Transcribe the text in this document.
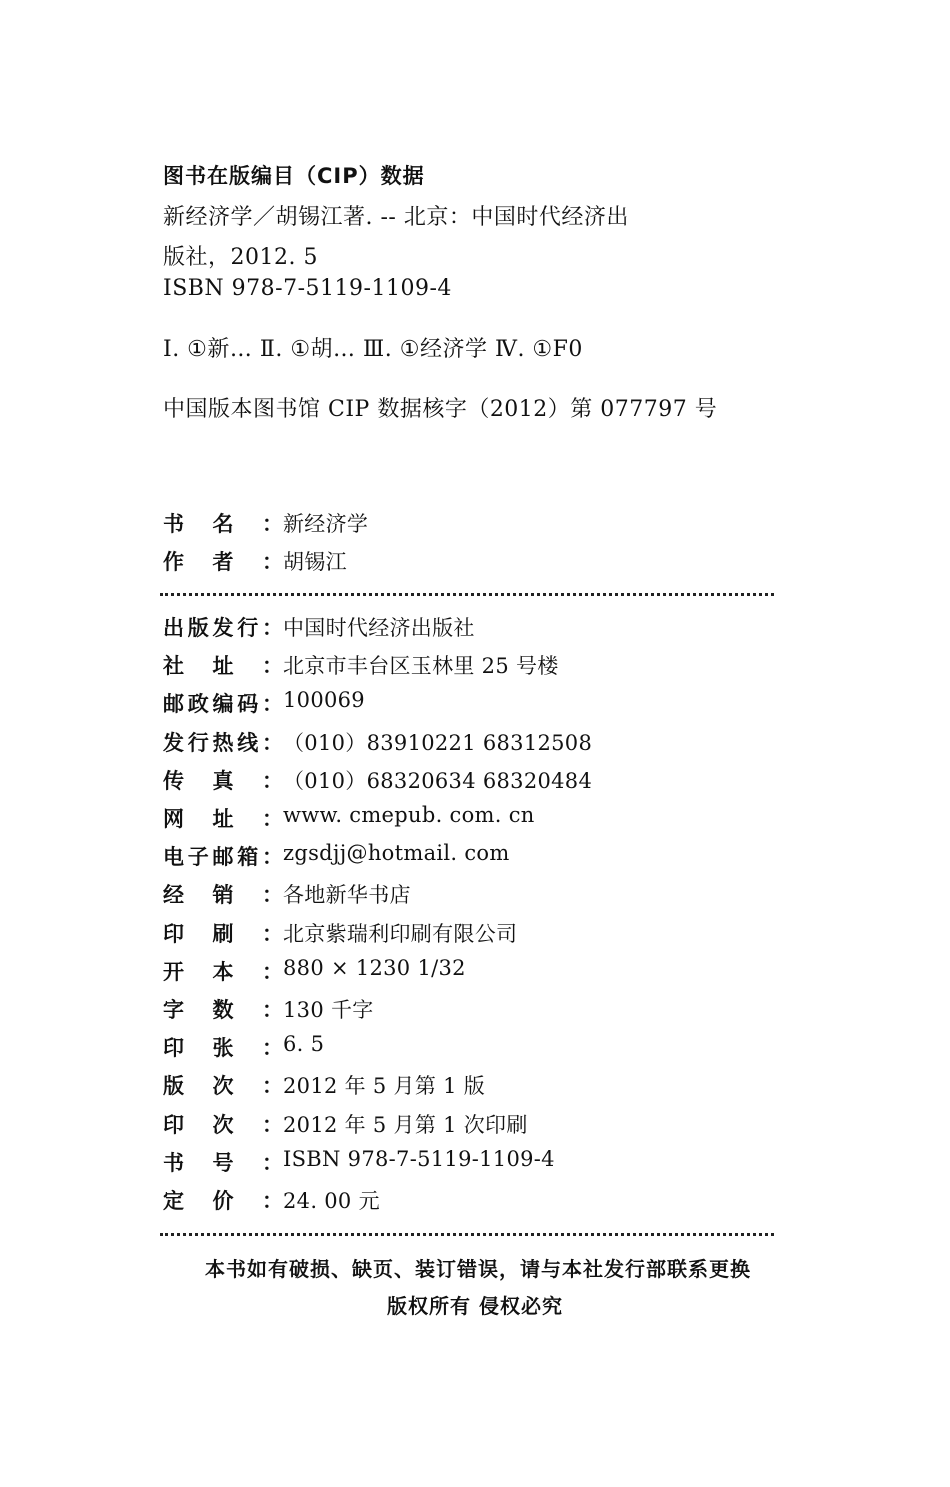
图书在版编目（CIP）数据
新经济学／胡锡江著. -- 北京：中国时代经济出
版社，2012. 5
ISBN 978-7-5119-1109-4
Ⅰ. ①新… Ⅱ. ①胡… Ⅲ. ①经济学 Ⅳ. ①F0
中国版本图书馆 CIP 数据核字（2012）第 077797 号
书 名 ： 新经济学
作 者 ： 胡锡江
出 版 发 行 ： 中国时代经济出版社
社 址 ： 北京市丰台区玉林里 25 号楼
邮 政 编 码 ： 100069
发 行 热 线 ： （010）83910221 68312508
传 真 ： （010）68320634 68320484
网 址 ： www. cmepub. com. cn
电 子 邮 箱 ： zgsdjj@hotmail. com
经 销 ： 各地新华书店
印 刷 ： 北京紫瑞利印刷有限公司
开 本 ： 880 × 1230 1/32
字 数 ： 130 千字
印 张 ： 6. 5
版 次 ： 2012 年 5 月第 1 版
印 次 ： 2012 年 5 月第 1 次印刷
书 号 ： ISBN 978-7-5119-1109-4
定 价 ： 24. 00 元
本书如有破损、缺页、装订错误，请与本社发行部联系更换
版权所有 侵权必究
